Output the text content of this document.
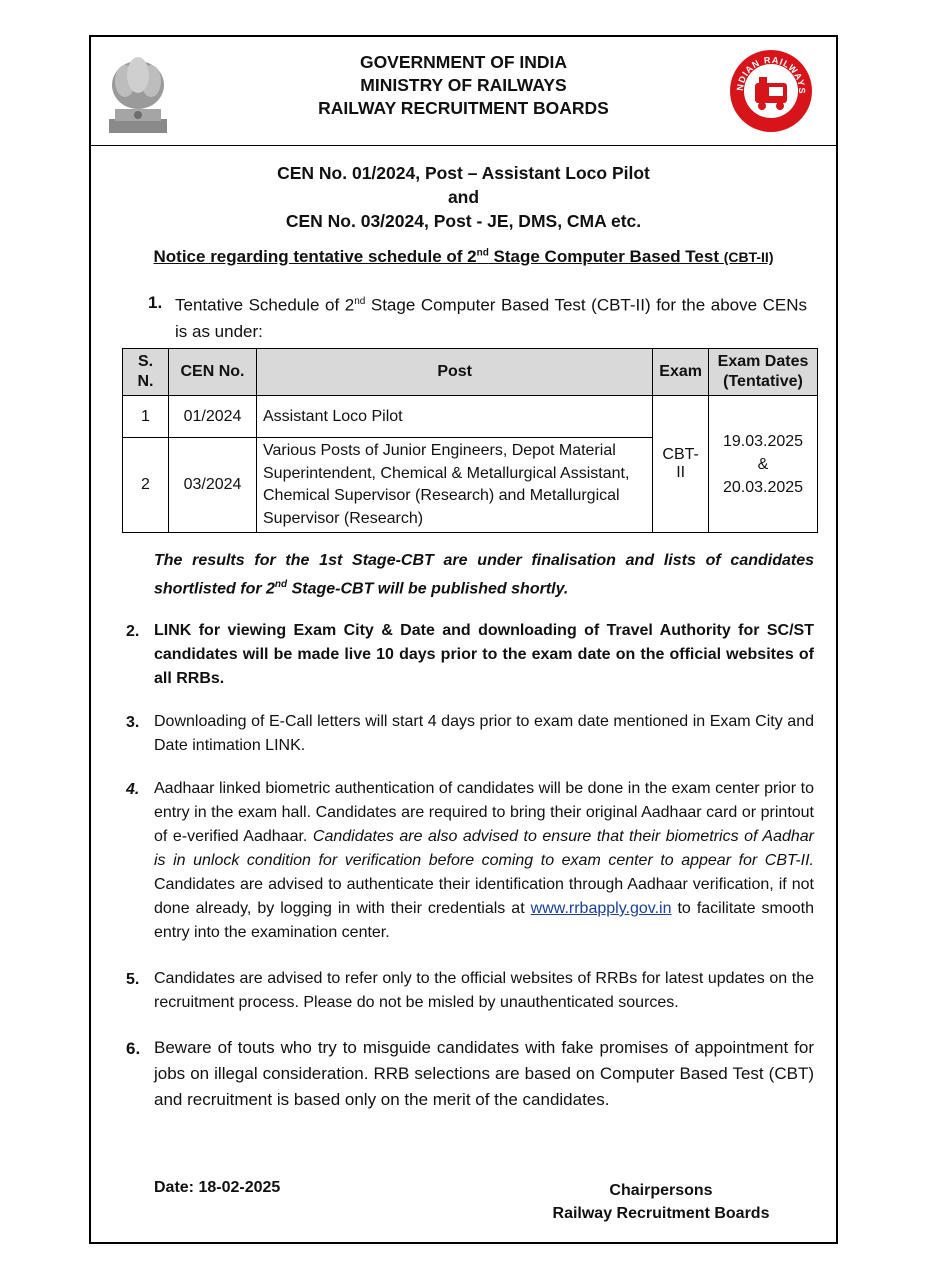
GOVERNMENT OF INDIA
MINISTRY OF RAILWAYS
RAILWAY RECRUITMENT BOARDS
NDIAN RAILWAYS
CEN No. 01/2024, Post – Assistant Loco Pilot
and
CEN No. 03/2024, Post - JE, DMS, CMA etc.
Notice regarding tentative schedule of 2nd Stage Computer Based Test (CBT-II)
1. Tentative Schedule of 2nd Stage Computer Based Test (CBT-II) for the above CENs is as under:
S. N.	CEN No.	Post	Exam	Exam Dates (Tentative)
1	01/2024	Assistant Loco Pilot	CBT-II	19.03.2025
&
20.03.2025

2	03/2024	Various Posts of Junior Engineers, Depot Material Superintendent, Chemical & Metallurgical Assistant, Chemical Supervisor (Research) and Metallurgical Supervisor (Research)		
The results for the 1st Stage-CBT are under finalisation and lists of candidates shortlisted for 2nd Stage-CBT will be published shortly.
2. LINK for viewing Exam City & Date and downloading of Travel Authority for SC/ST candidates will be made live 10 days prior to the exam date on the official websites of all RRBs.
3. Downloading of E-Call letters will start 4 days prior to exam date mentioned in Exam City and Date intimation LINK.
4. Aadhaar linked biometric authentication of candidates will be done in the exam center prior to entry in the exam hall. Candidates are required to bring their original Aadhaar card or printout of e-verified Aadhaar. Candidates are also advised to ensure that their biometrics of Aadhar is in unlock condition for verification before coming to exam center to appear for CBT-II. Candidates are advised to authenticate their identification through Aadhaar verification, if not done already, by logging in with their credentials at www.rrbapply.gov.in to facilitate smooth entry into the examination center.
5. Candidates are advised to refer only to the official websites of RRBs for latest updates on the recruitment process. Please do not be misled by unauthenticated sources.
6. Beware of touts who try to misguide candidates with fake promises of appointment for jobs on illegal consideration. RRB selections are based on Computer Based Test (CBT) and recruitment is based only on the merit of the candidates.
Date: 18-02-2025	Chairpersons
Railway Recruitment Boards
